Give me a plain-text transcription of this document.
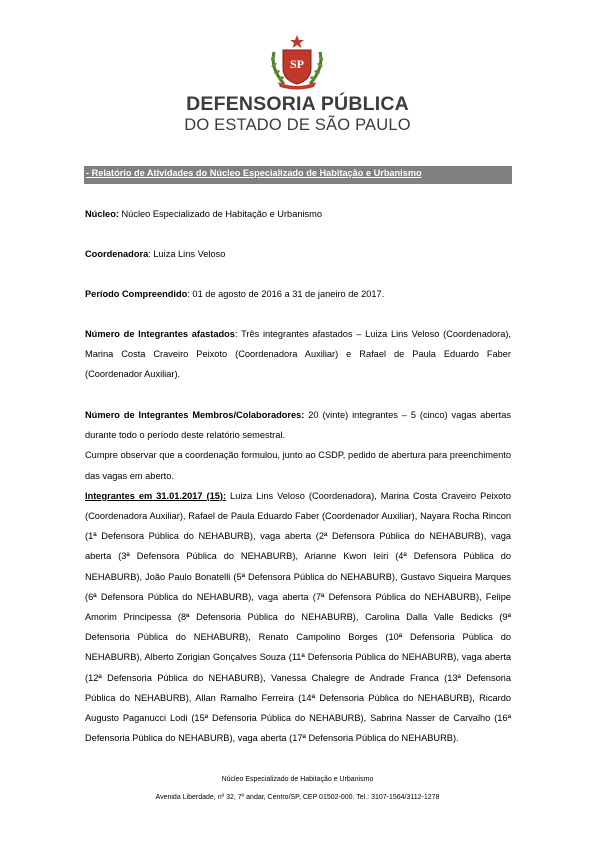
SP
DEFENSORIA PÚBLICA
DO ESTADO DE SÃO PAULO
- Relatório de Atividades do Núcleo Especializado de Habitação e Urbanismo
Núcleo: Núcleo Especializado de Habitação e Urbanismo
Coordenadora: Luiza Lins Veloso
Período Compreendido: 01 de agosto de 2016 a 31 de janeiro de 2017.
Número de Integrantes afastados: Três integrantes afastados – Luiza Lins Veloso (Coordenadora), Marina Costa Craveiro Peixoto (Coordenadora Auxiliar) e Rafael de Paula Eduardo Faber (Coordenador Auxiliar).

Número de Integrantes Membros/Colaboradores: 20 (vinte) integrantes – 5 (cinco) vagas abertas durante todo o período deste relatório semestral.

Cumpre observar que a coordenação formulou, junto ao CSDP, pedido de abertura para preenchimento das vagas em aberto.

Integrantes em 31.01.2017 (15): Luiza Lins Veloso (Coordenadora), Marina Costa Craveiro Peixoto (Coordenadora Auxiliar), Rafael de Paula Eduardo Faber (Coordenador Auxiliar), Nayara Rocha Rincon (1ª Defensora Pública do NEHABURB), vaga aberta (2ª Defensora Pública do NEHABURB), vaga aberta (3ª Defensora Pública do NEHABURB), Arianne Kwon Ieiri (4ª Defensora Pública do NEHABURB), João Paulo Bonatelli (5ª Defensora Pública do NEHABURB), Gustavo Siqueira Marques (6ª Defensora Pública do NEHABURB), vaga aberta (7ª Defensora Pública do NEHABURB), Felipe Amorim Principessa (8ª Defensoria Pública do NEHABURB), Carolina Dalla Valle Bedicks (9ª Defensoria Pública do NEHABURB), Renato Campolino Borges (10ª Defensoria Pública do NEHABURB), Alberto Zorigian Gonçalves Souza (11ª Defensoria Pública do NEHABURB), vaga aberta (12ª Defensoria Pública do NEHABURB), Vanessa Chalegre de Andrade Franca (13ª Defensoria Pública do NEHABURB), Allan Ramalho Ferreira (14ª Defensoria Pública do NEHABURB), Ricardo Augusto Paganucci Lodi (15ª Defensoria Pública do NEHABURB), Sabrina Nasser de Carvalho (16ª Defensoria Pública do NEHABURB), vaga aberta (17ª Defensoria Pública do NEHABURB).

Núcleo Especializado de Habitação e Urbanismo
Avenida Liberdade, nº 32, 7º andar, Centro/SP, CEP 01502-000. Tel.: 3107-1564/3112-1278
